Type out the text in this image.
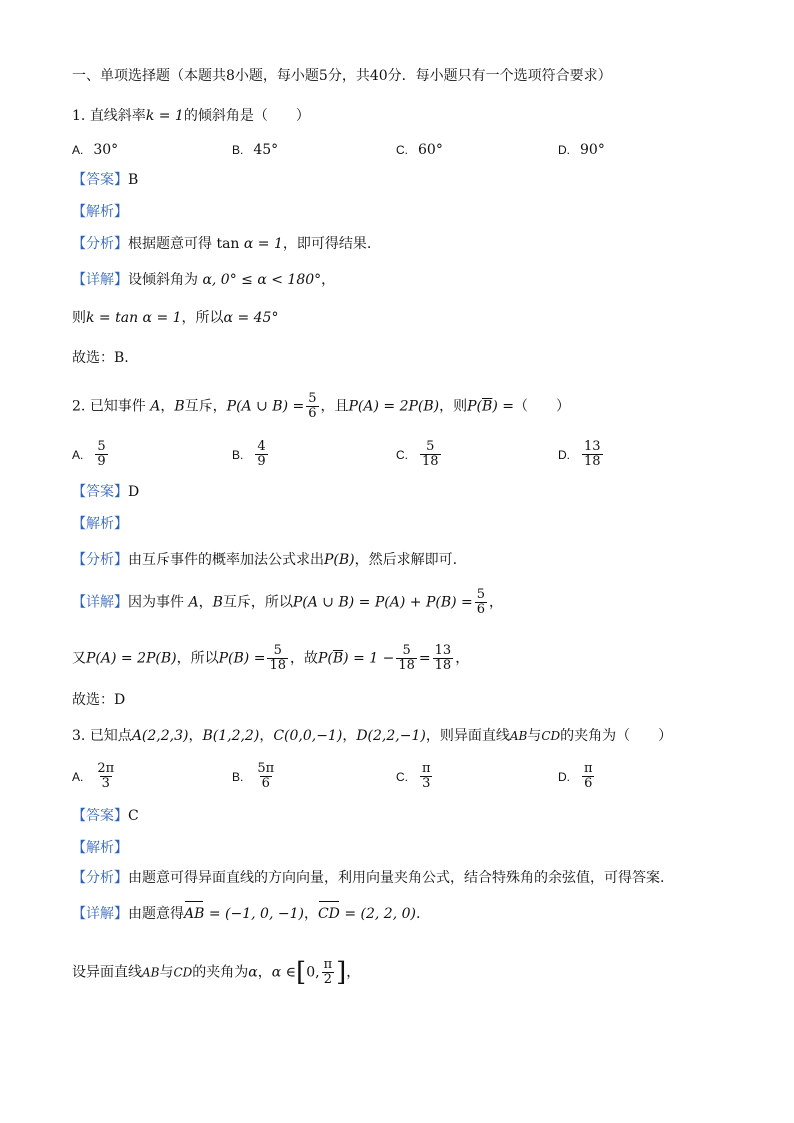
一、单项选择题（本题共8小题，每小题5分，共40分．每小题只有一个选项符合要求）
1. 直线斜率k = 1的倾斜角是（　　）
A. 30°	B. 45°	C. 60°	D. 90°
【答案】B
【解析】
【分析】根据题意可得 tan α = 1，即可得结果.
【详解】设倾斜角为 α, 0° ≤ α < 180°，
则k = tan α = 1，所以α = 45°
故选：B.
2. 已知事件 A，B互斥，P(A ∪ $B) = \frac{5}{6}$ ，且P(A) = 2P(B)，则$P(\overline{B})$ =（　　）
A. $\frac{5}{9}$	B. $\frac{4}{9}$	C. $\frac{5}{18}$	D. $\frac{13}{18}$
【答案】D
【解析】
【分析】由互斥事件的概率加法公式求出P(B)，然后求解即可.
【详解】因为事件 A，B互斥，所以P(A ∪ $B) = P(A) + P(B) = \frac{5}{6}$ ，
又P(A) = 2P(B)，所以$P(B) = \frac{5}{18}$ ，故$P(\overline{B}) = 1 - \frac{5}{18} = \frac{13}{18}$ ，
故选：D
3. 已知点A(2,2,3)，B(1,2,2)，C(0,0,−1)，D(2,2,−1)，则异面直线AB与CD的夹角为（　　）
A. $\frac{2\pi}{3}$	B. $\frac{5\pi}{6}$	C. $\frac{\pi}{3}$	D. $\frac{\pi}{6}$
【答案】C
【解析】
【分析】由题意可得异面直线的方向向量，利用向量夹角公式，结合特殊角的余弦值，可得答案.
【详解】由题意得AB = (−1, 0, −1)，CD = (2, 2, 0).
设异面直线AB与CD的夹角为α，α ∈[0, $\frac{\pi}{2}$ ]，
